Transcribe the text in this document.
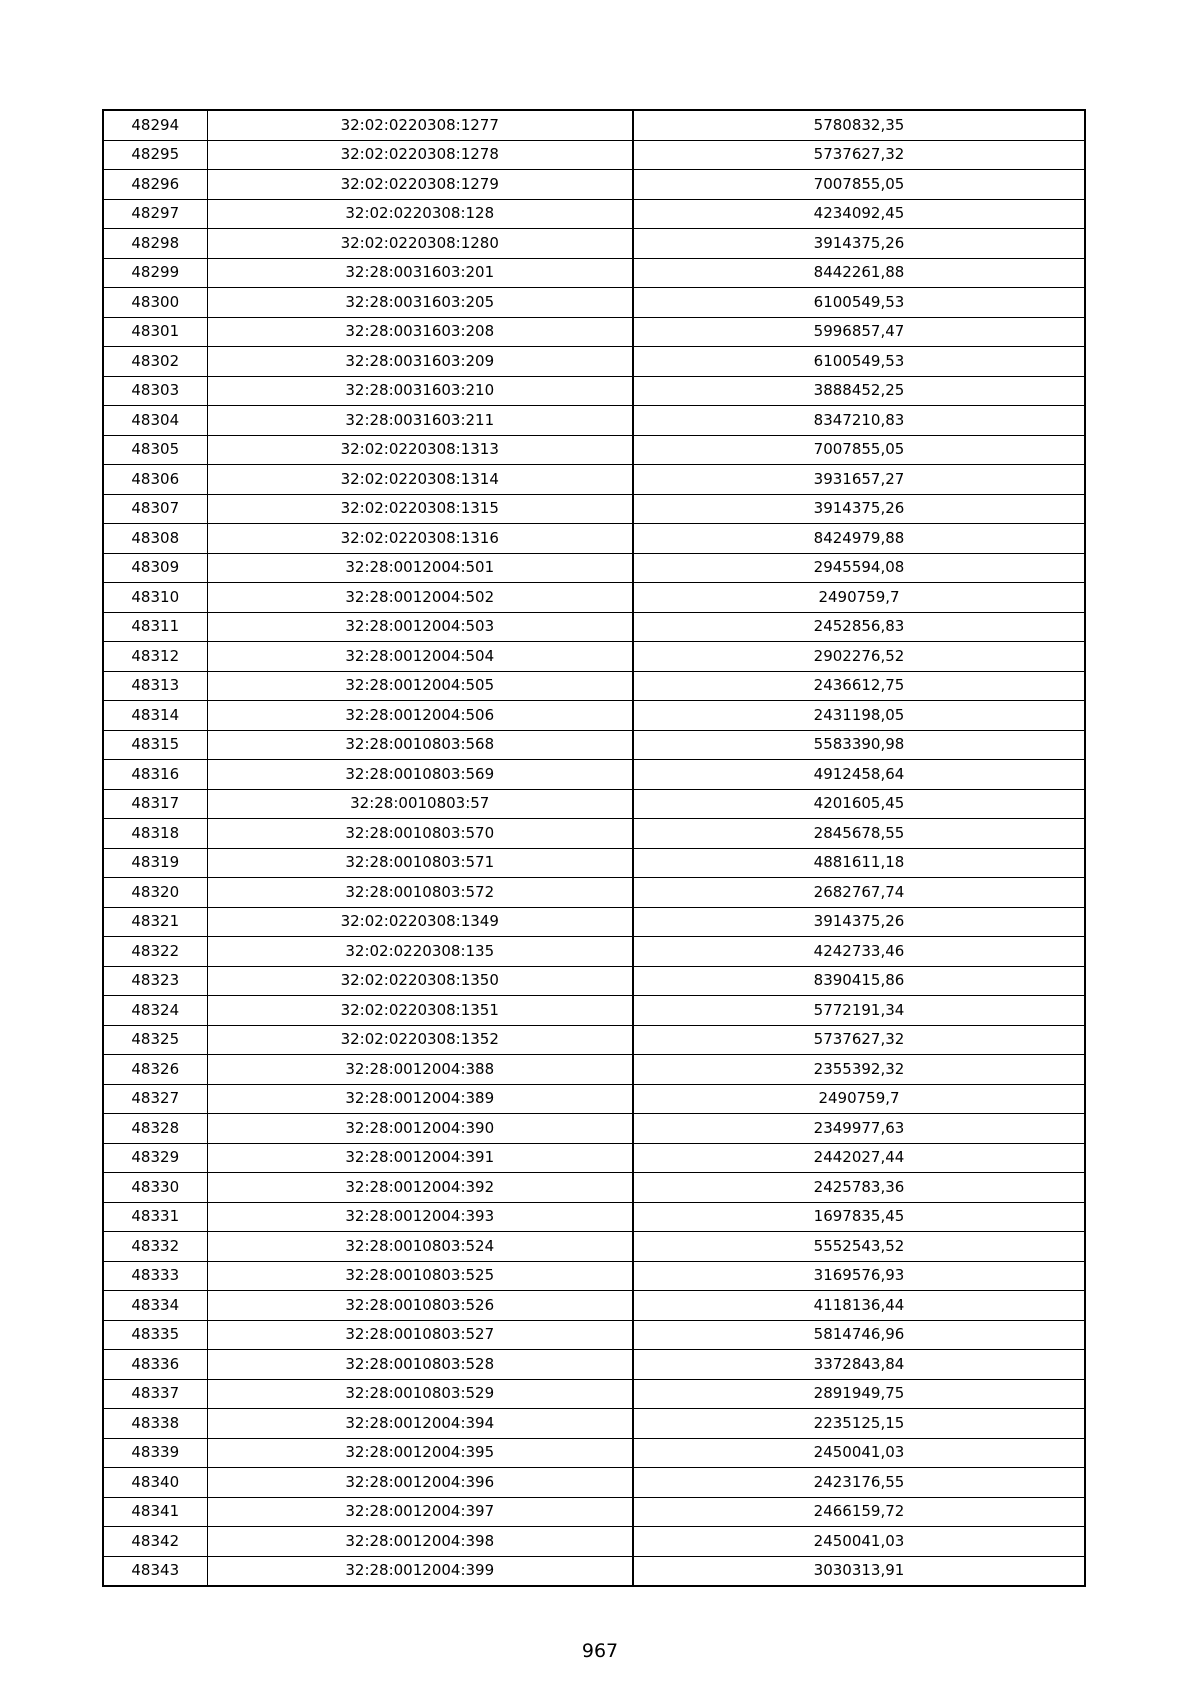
48294	32:02:0220308:1277	5780832,35
48295	32:02:0220308:1278	5737627,32
48296	32:02:0220308:1279	7007855,05
48297	32:02:0220308:128	4234092,45
48298	32:02:0220308:1280	3914375,26
48299	32:28:0031603:201	8442261,88
48300	32:28:0031603:205	6100549,53
48301	32:28:0031603:208	5996857,47
48302	32:28:0031603:209	6100549,53
48303	32:28:0031603:210	3888452,25
48304	32:28:0031603:211	8347210,83
48305	32:02:0220308:1313	7007855,05
48306	32:02:0220308:1314	3931657,27
48307	32:02:0220308:1315	3914375,26
48308	32:02:0220308:1316	8424979,88
48309	32:28:0012004:501	2945594,08
48310	32:28:0012004:502	2490759,7
48311	32:28:0012004:503	2452856,83
48312	32:28:0012004:504	2902276,52
48313	32:28:0012004:505	2436612,75
48314	32:28:0012004:506	2431198,05
48315	32:28:0010803:568	5583390,98
48316	32:28:0010803:569	4912458,64
48317	32:28:0010803:57	4201605,45
48318	32:28:0010803:570	2845678,55
48319	32:28:0010803:571	4881611,18
48320	32:28:0010803:572	2682767,74
48321	32:02:0220308:1349	3914375,26
48322	32:02:0220308:135	4242733,46
48323	32:02:0220308:1350	8390415,86
48324	32:02:0220308:1351	5772191,34
48325	32:02:0220308:1352	5737627,32
48326	32:28:0012004:388	2355392,32
48327	32:28:0012004:389	2490759,7
48328	32:28:0012004:390	2349977,63
48329	32:28:0012004:391	2442027,44
48330	32:28:0012004:392	2425783,36
48331	32:28:0012004:393	1697835,45
48332	32:28:0010803:524	5552543,52
48333	32:28:0010803:525	3169576,93
48334	32:28:0010803:526	4118136,44
48335	32:28:0010803:527	5814746,96
48336	32:28:0010803:528	3372843,84
48337	32:28:0010803:529	2891949,75
48338	32:28:0012004:394	2235125,15
48339	32:28:0012004:395	2450041,03
48340	32:28:0012004:396	2423176,55
48341	32:28:0012004:397	2466159,72
48342	32:28:0012004:398	2450041,03
48343	32:28:0012004:399	3030313,91
967
